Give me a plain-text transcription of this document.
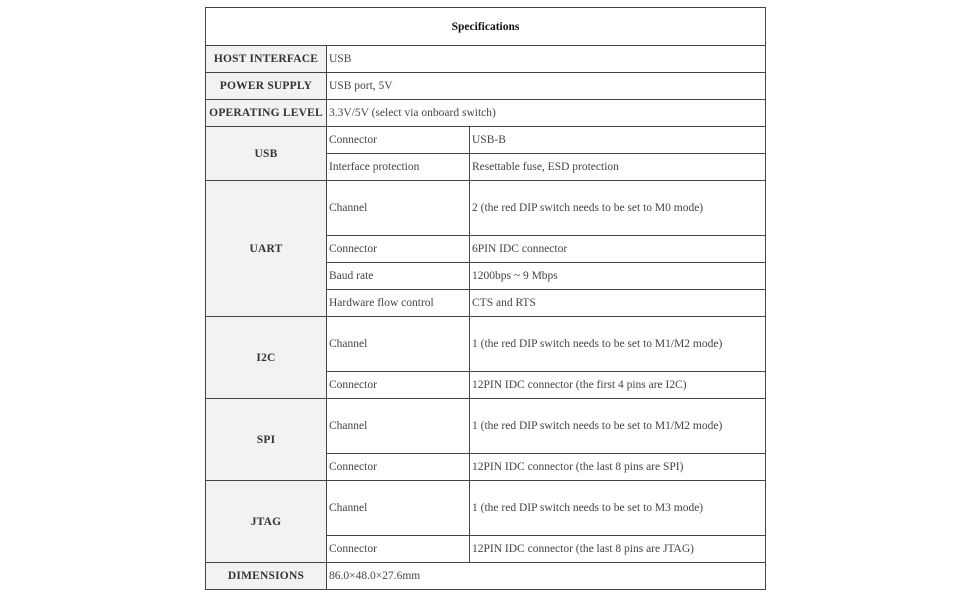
Specifications		
HOST INTERFACE	USB	
POWER SUPPLY	USB port, 5V	
OPERATING LEVEL	3.3V/5V (select via onboard switch)	
USB	Connector	USB-B
	Interface protection	Resettable fuse, ESD protection
UART	Channel	2 (the red DIP switch needs to be set to M0 mode)
	Connector	6PIN IDC connector
	Baud rate	1200bps ~ 9 Mbps
	Hardware flow control	CTS and RTS
I2C	Channel	1 (the red DIP switch needs to be set to M1/M2 mode)
	Connector	12PIN IDC connector (the first 4 pins are I2C)
SPI	Channel	1 (the red DIP switch needs to be set to M1/M2 mode)
	Connector	12PIN IDC connector (the last 8 pins are SPI)
JTAG	Channel	1 (the red DIP switch needs to be set to M3 mode)
	Connector	12PIN IDC connector (the last 8 pins are JTAG)
DIMENSIONS	86.0×48.0×27.6mm	
